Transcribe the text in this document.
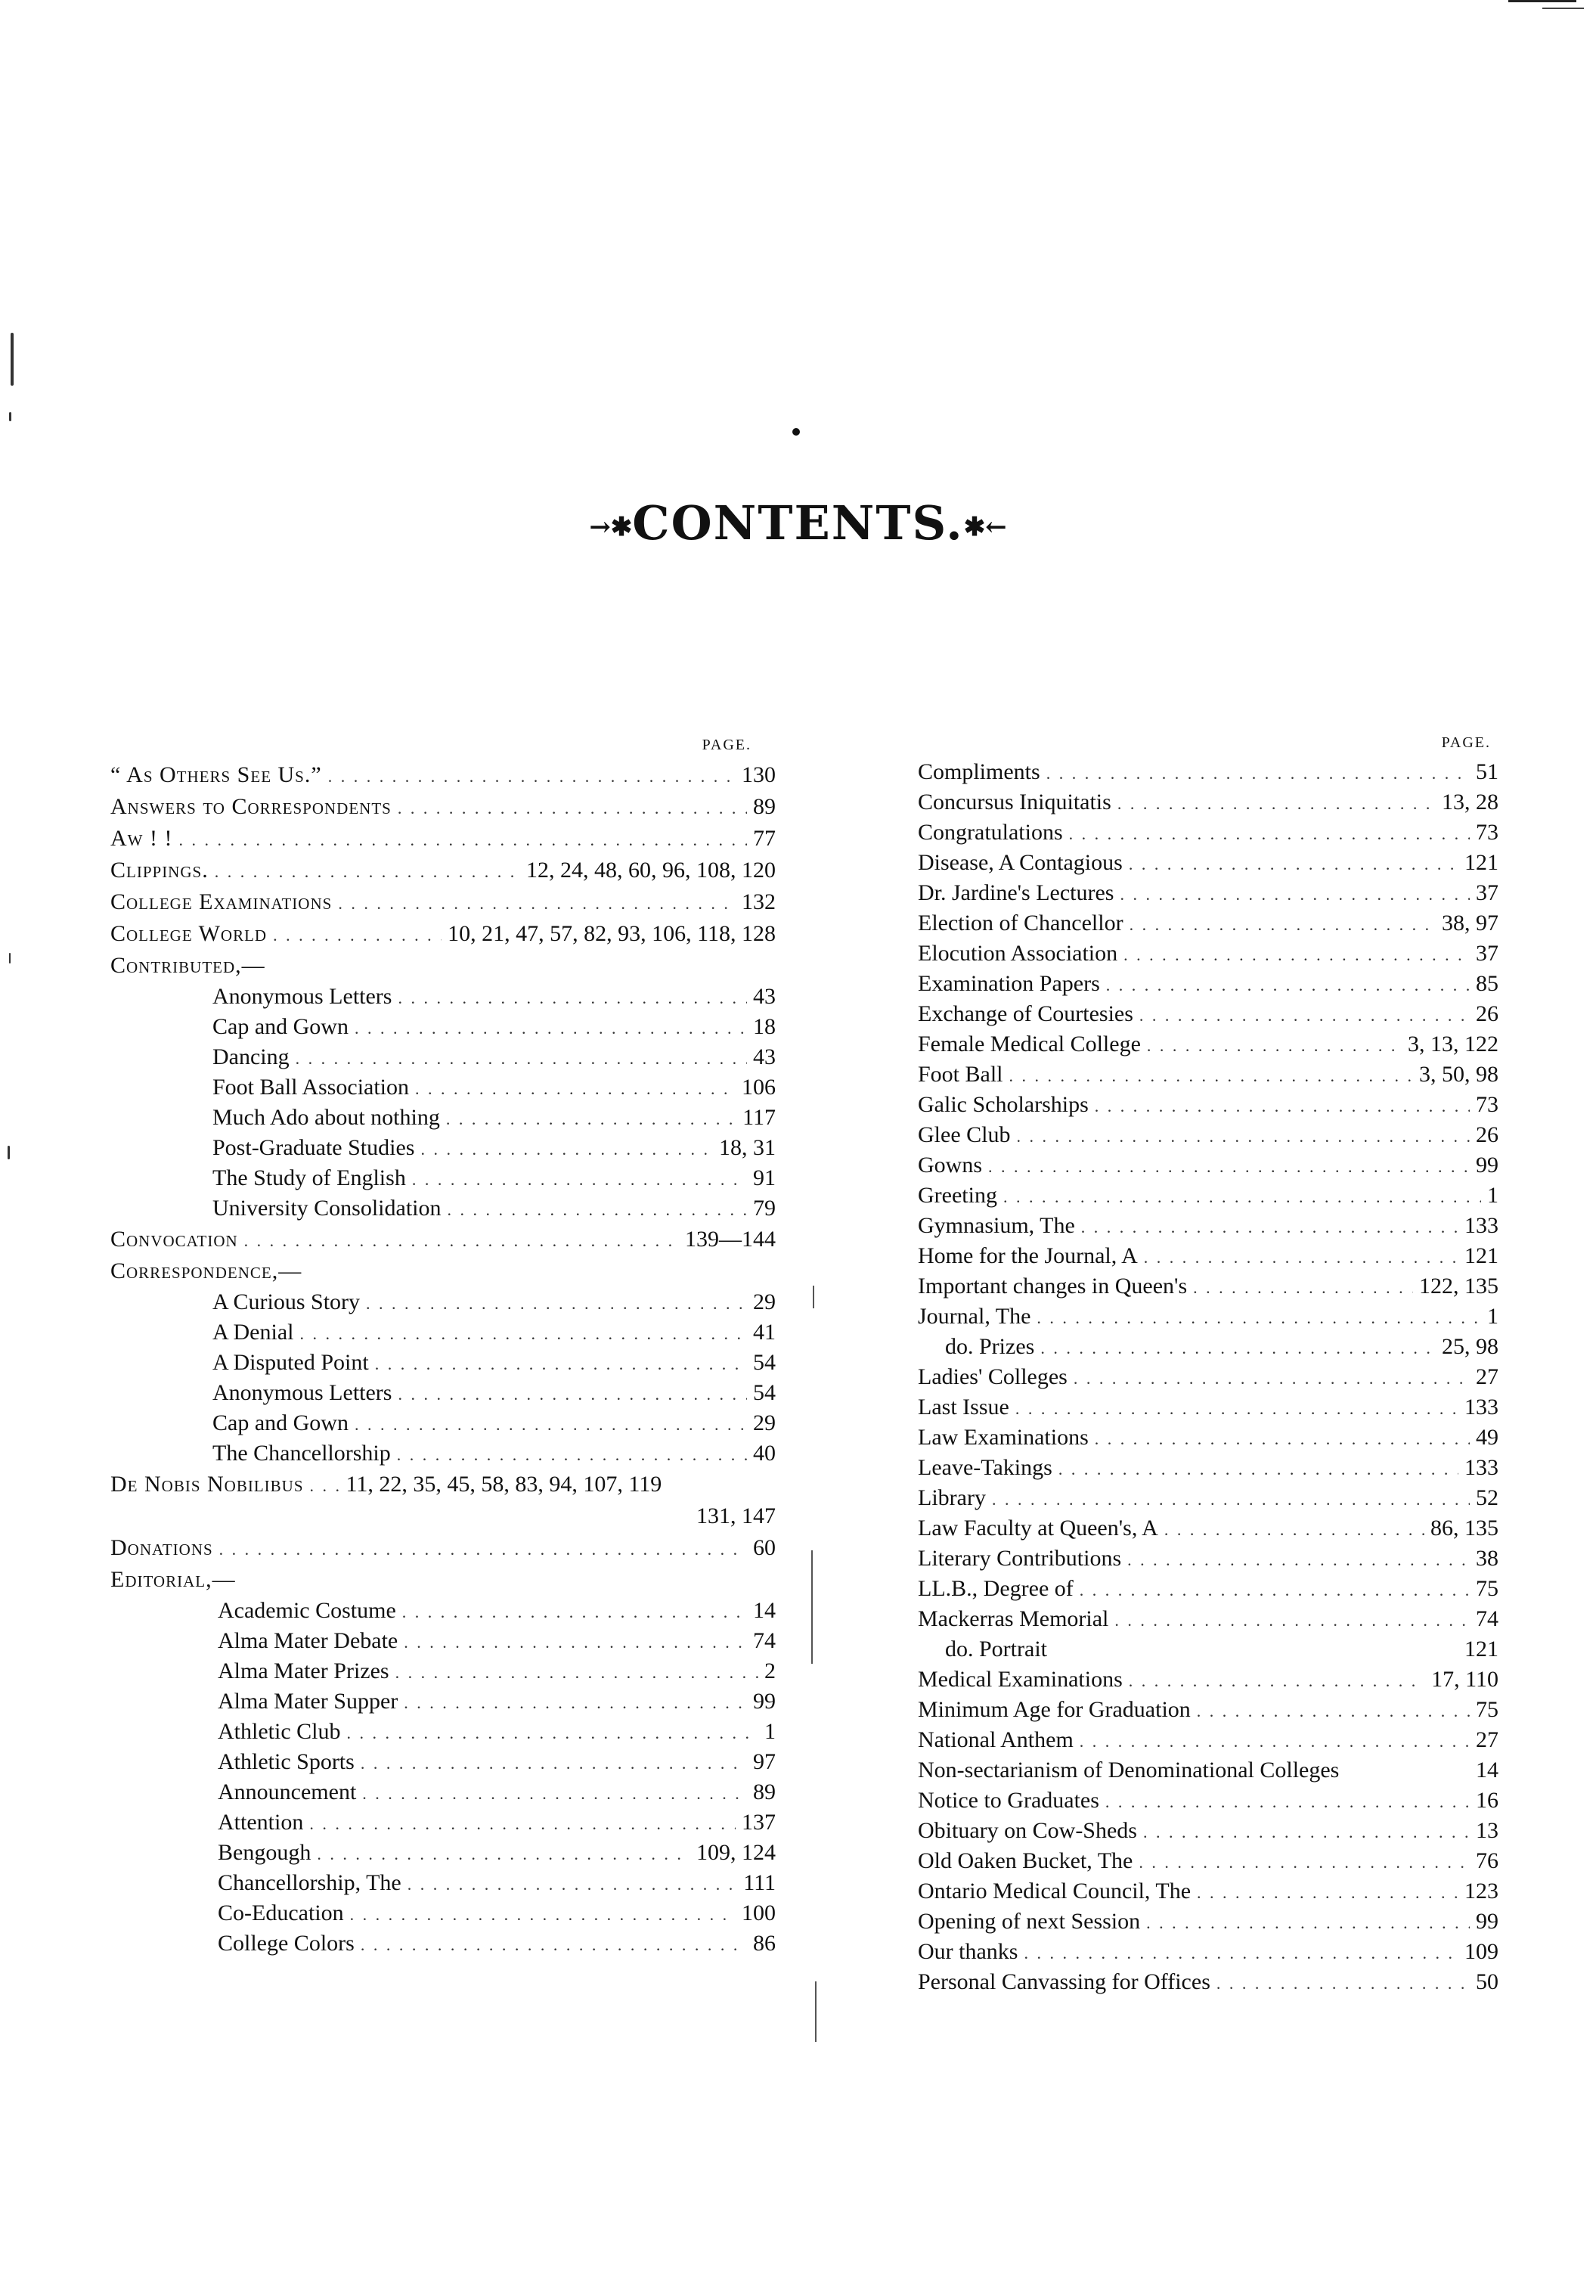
→✱CONTENTS.✱←
PAGE.
“ As Others See Us.” . . .	130
Answers to Correspondents . . .	89
Aw ! ! . . .	77
Clippings. . . .	12, 24, 48, 60, 96, 108, 120
College Examinations . . .	132
College World . . .	10, 21, 47, 57, 82, 93, 106, 118, 128
Contributed,—
Anonymous Letters . . .	43
Cap and Gown . . .	18
Dancing . . .	43
Foot Ball Association . . .	106
Much Ado about nothing . . .	117
Post-Graduate Studies . . .	18, 31
The Study of English . . .	91
University Consolidation . . .	79
Convocation . . .	139—144
Correspondence,—
A Curious Story . . .	29
A Denial . . .	41
A Disputed Point . . .	54
Anonymous Letters . . .	54
Cap and Gown . . .	29
The Chancellorship . . .	40
De Nobis Nobilibus . . . 11, 22, 35, 45, 58, 83, 94, 107, 119
131, 147
Donations . . .	60
Editorial,—
Academic Costume . . .	14
Alma Mater Debate . . .	74
Alma Mater Prizes . . .	2
Alma Mater Supper . . .	99
Athletic Club . . .	1
Athletic Sports . . .	97
Announcement . . .	89
Attention . . .	137
Bengough . . .	109, 124
Chancellorship, The . . .	111
Co-Education . . .	100
College Colors . . .	86
PAGE.
Compliments . . .	51
Concursus Iniquitatis . . .	13, 28
Congratulations . . .	73
Disease, A Contagious . . .	121
Dr. Jardine's Lectures . . .	37
Election of Chancellor . . .	38, 97
Elocution Association . . .	37
Examination Papers . . .	85
Exchange of Courtesies . . .	26
Female Medical College . . .	3, 13, 122
Foot Ball . . .	3, 50, 98
Galic Scholarships . . .	73
Glee Club . . .	26
Gowns . . .	99
Greeting . . .	1
Gymnasium, The . . .	133
Home for the Journal, A . . .	121
Important changes in Queen's . . .	122, 135
Journal, The . . .	1
do. Prizes . . .	25, 98
Ladies' Colleges . . .	27
Last Issue . . .	133
Law Examinations . . .	49
Leave-Takings . . .	133
Library . . .	52
Law Faculty at Queen's, A . . .	86, 135
Literary Contributions . . .	38
LL.B., Degree of . . .	75
Mackerras Memorial . . .	74
do. Portrait	121
Medical Examinations . . .	17, 110
Minimum Age for Graduation . . .	75
National Anthem . . .	27
Non-sectarianism of Denominational Colleges	14
Notice to Graduates . . .	16
Obituary on Cow-Sheds . . .	13
Old Oaken Bucket, The . . .	76
Ontario Medical Council, The . . .	123
Opening of next Session . . .	99
Our thanks . . .	109
Personal Canvassing for Offices . . .	50
